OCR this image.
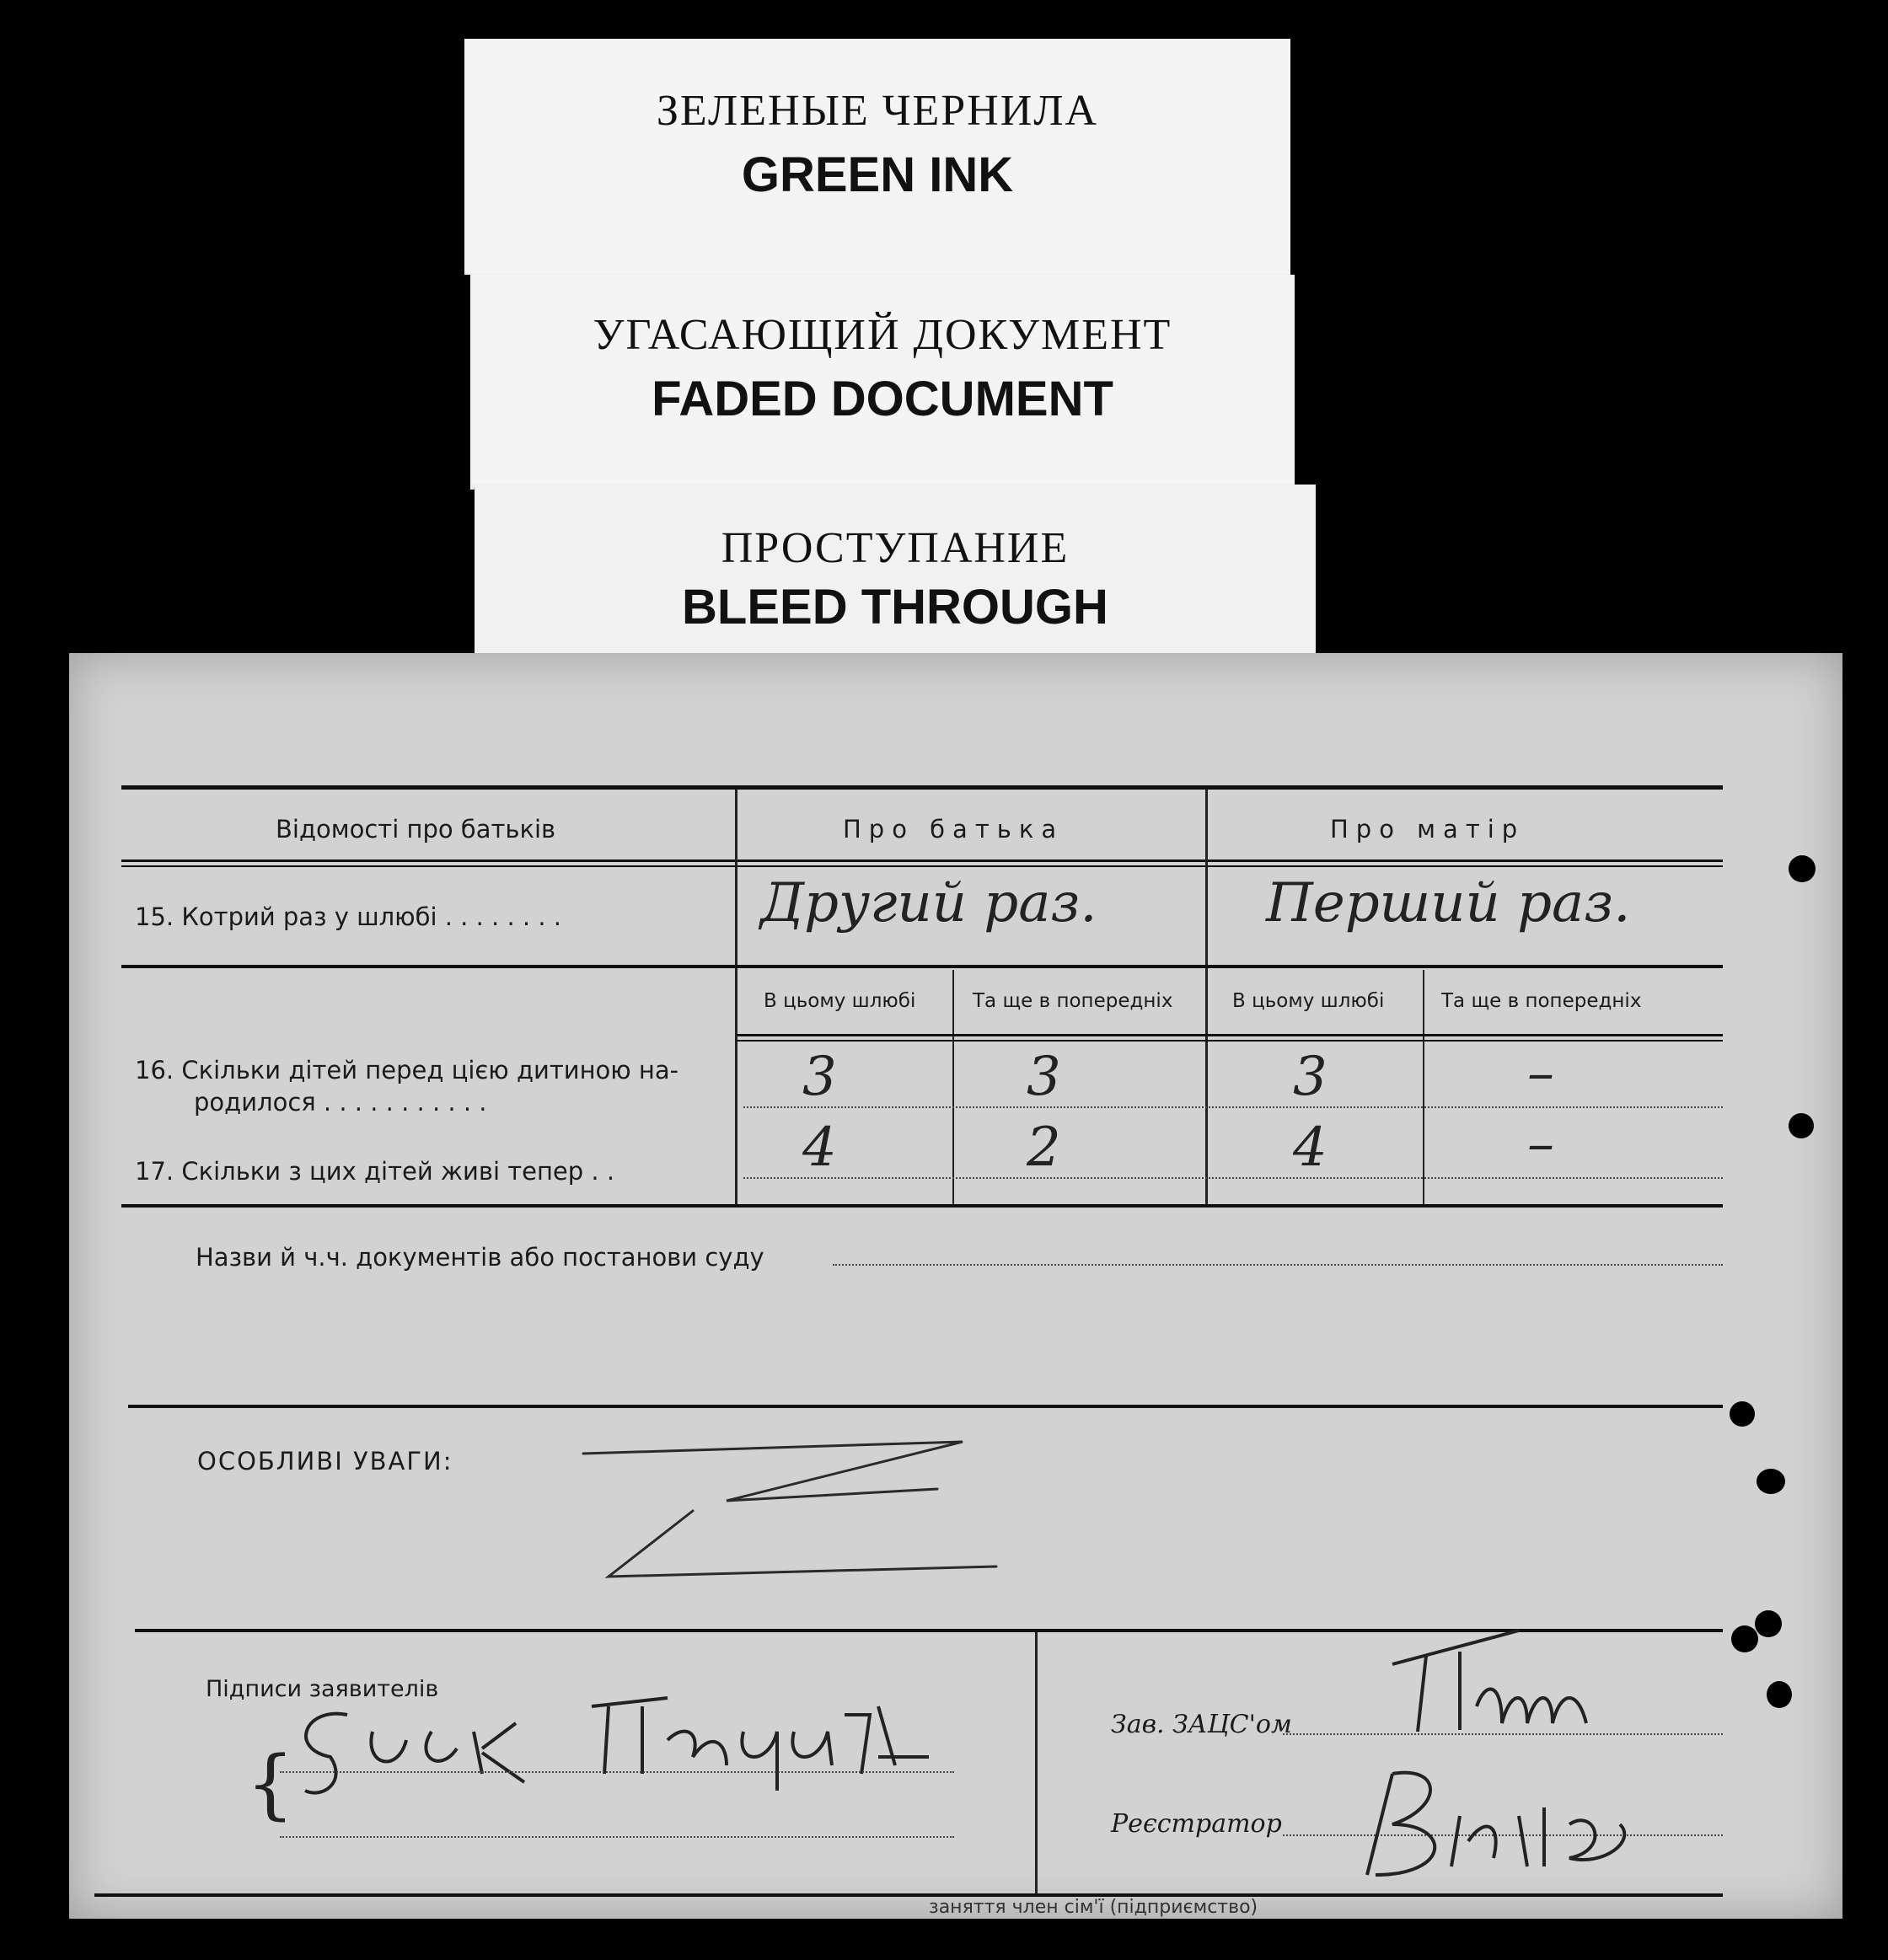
ЗЕЛЕНЫЕ ЧЕРНИЛА
GREEN INK
УГАСАЮЩИЙ ДОКУМЕНТ
FADED DOCUMENT
ПРОСТУПАНИЕ
BLEED THROUGH
Відомості про батьків	Про батька	Про матір
15. Котрий раз у шлюбі . . . . . . . .	Другий раз.	Перший раз.
В цьому шлюбі	Та ще в попередніх	В цьому шлюбі	Та ще в попередніх
16. Скільки дітей перед цією дитиною на-
родилося . . . . . . . . . . .	3	3	3	–
17. Скільки з цих дітей живі тепер . .	4	2	4	–
Назви й ч.ч. документів або постанови суду
ОСОБЛИВІ УВАГИ:
Підписи заявителів
{
Зав. ЗАЦС'ом
Реєстратор
заняття член сім'ї (підприємство)
